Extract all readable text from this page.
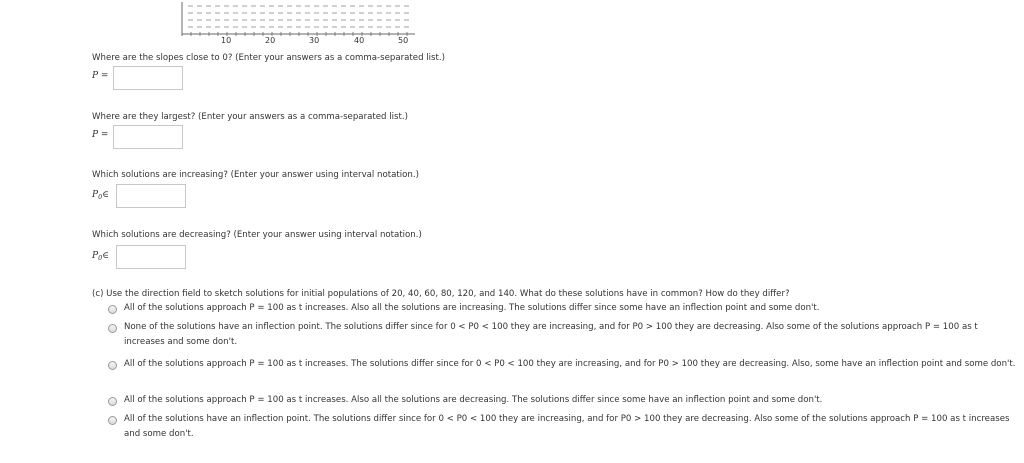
10	20	30	40	50
Where are the slopes close to 0? (Enter your answers as a comma-separated list.)
P =
Where are they largest? (Enter your answers as a comma-separated list.)
P =
Which solutions are increasing? (Enter your answer using interval notation.)
$P_0\in$
Which solutions are decreasing? (Enter your answer using interval notation.)
$P_0\in$
(c) Use the direction field to sketch solutions for initial populations of 20, 40, 60, 80, 120, and 140. What do these solutions have in common? How do they differ?
All of the solutions approach P = 100 as t increases. Also all the solutions are increasing. The solutions differ since some have an inflection point and some don't.
None of the solutions have an inflection point. The solutions differ since for 0 < P0 < 100 they are increasing, and for P0 > 100 they are decreasing. Also some of the solutions approach P = 100 as t increases and some don't.
All of the solutions approach P = 100 as t increases. The solutions differ since for 0 < P0 < 100 they are increasing, and for P0 > 100 they are decreasing. Also, some have an inflection point and some don't.
All of the solutions approach P = 100 as t increases. Also all the solutions are decreasing. The solutions differ since some have an inflection point and some don't.
All of the solutions have an inflection point. The solutions differ since for 0 < P0 < 100 they are increasing, and for P0 > 100 they are decreasing. Also some of the solutions approach P = 100 as t increases and some don't.
